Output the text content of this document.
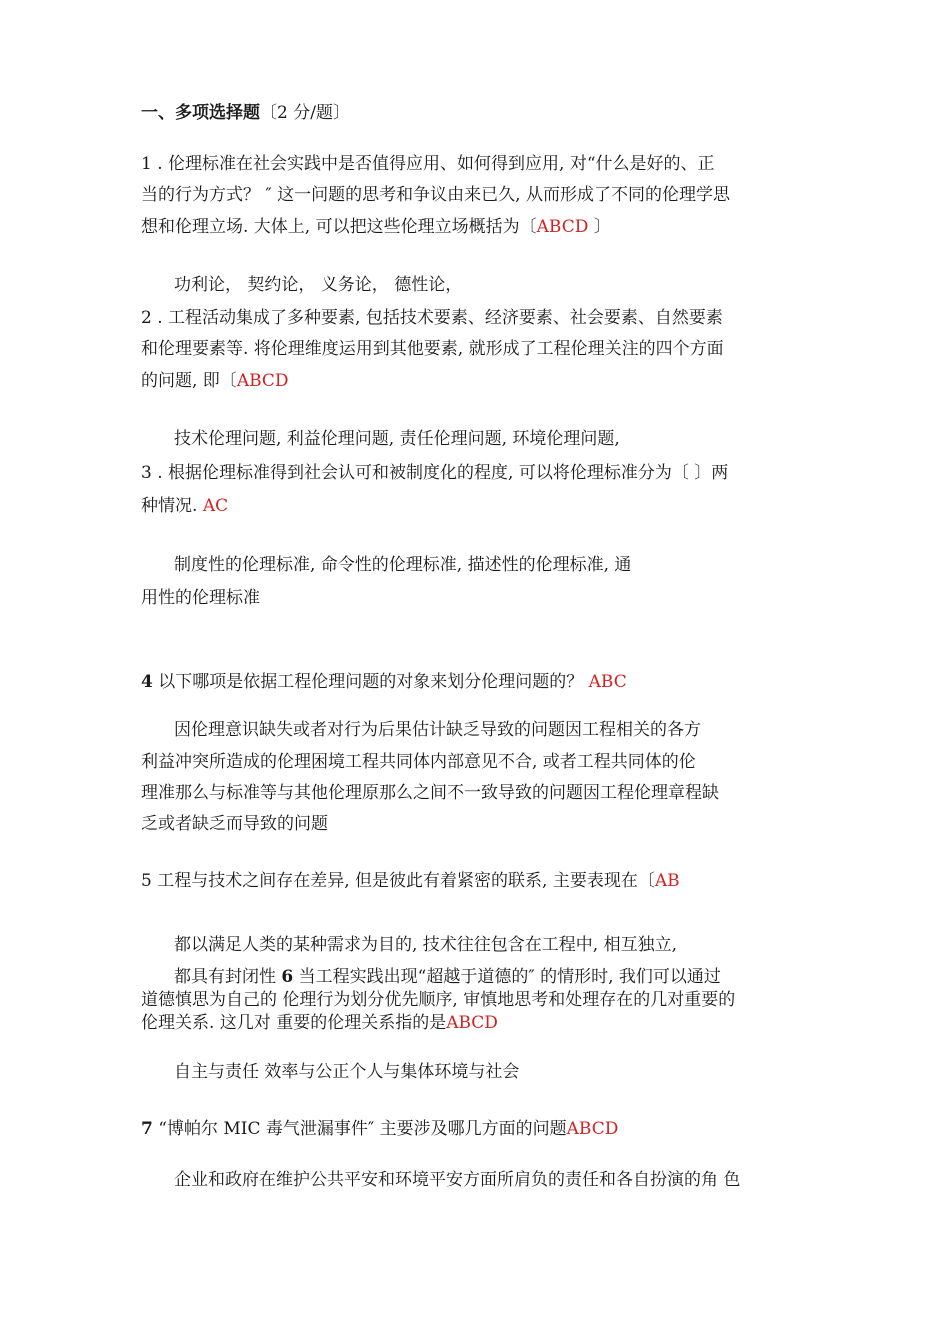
一、多项选择题〔2 分/题〕
1 . 伦理标准在社会实践中是否值得应用、如何得到应用, 对“什么是好的、正
当的行为方式？ ″ 这一问题的思考和争议由来已久, 从而形成了不同的伦理学思
想和伦理立场. 大体上, 可以把这些伦理立场概括为〔ABCD 〕
功利论， 契约论， 义务论， 德性论，
2 . 工程活动集成了多种要素, 包括技术要素、经济要素、社会要素、自然要素
和伦理要素等. 将伦理维度运用到其他要素, 就形成了工程伦理关注的四个方面
的问题, 即〔ABCD
技术伦理问题, 利益伦理问题, 责任伦理问题, 环境伦理问题,
3 . 根据伦理标准得到社会认可和被制度化的程度, 可以将伦理标准分为〔 〕两
种情况. AC
制度性的伦理标准, 命令性的伦理标准, 描述性的伦理标准, 通
用性的伦理标准
4 以下哪项是依据工程伦理问题的对象来划分伦理问题的？ ABC
因伦理意识缺失或者对行为后果估计缺乏导致的问题因工程相关的各方
利益冲突所造成的伦理困境工程共同体内部意见不合, 或者工程共同体的伦
理准那么与标准等与其他伦理原那么之间不一致导致的问题因工程伦理章程缺
乏或者缺乏而导致的问题
5 工程与技术之间存在差异, 但是彼此有着紧密的联系, 主要表现在〔AB
都以满足人类的某种需求为目的, 技术往往包含在工程中, 相互独立,
都具有封闭性 6 当工程实践出现“超越于道德的″ 的情形时, 我们可以通过
道德慎思为自己的 伦理行为划分优先顺序, 审慎地思考和处理存在的几对重要的
伦理关系. 这几对 重要的伦理关系指的是ABCD
自主与责任 效率与公正个人与集体环境与社会
7 “博帕尔 MIC 毒气泄漏事件″ 主要涉及哪几方面的问题ABCD
企业和政府在维护公共平安和环境平安方面所肩负的责任和各自扮演的角 色
